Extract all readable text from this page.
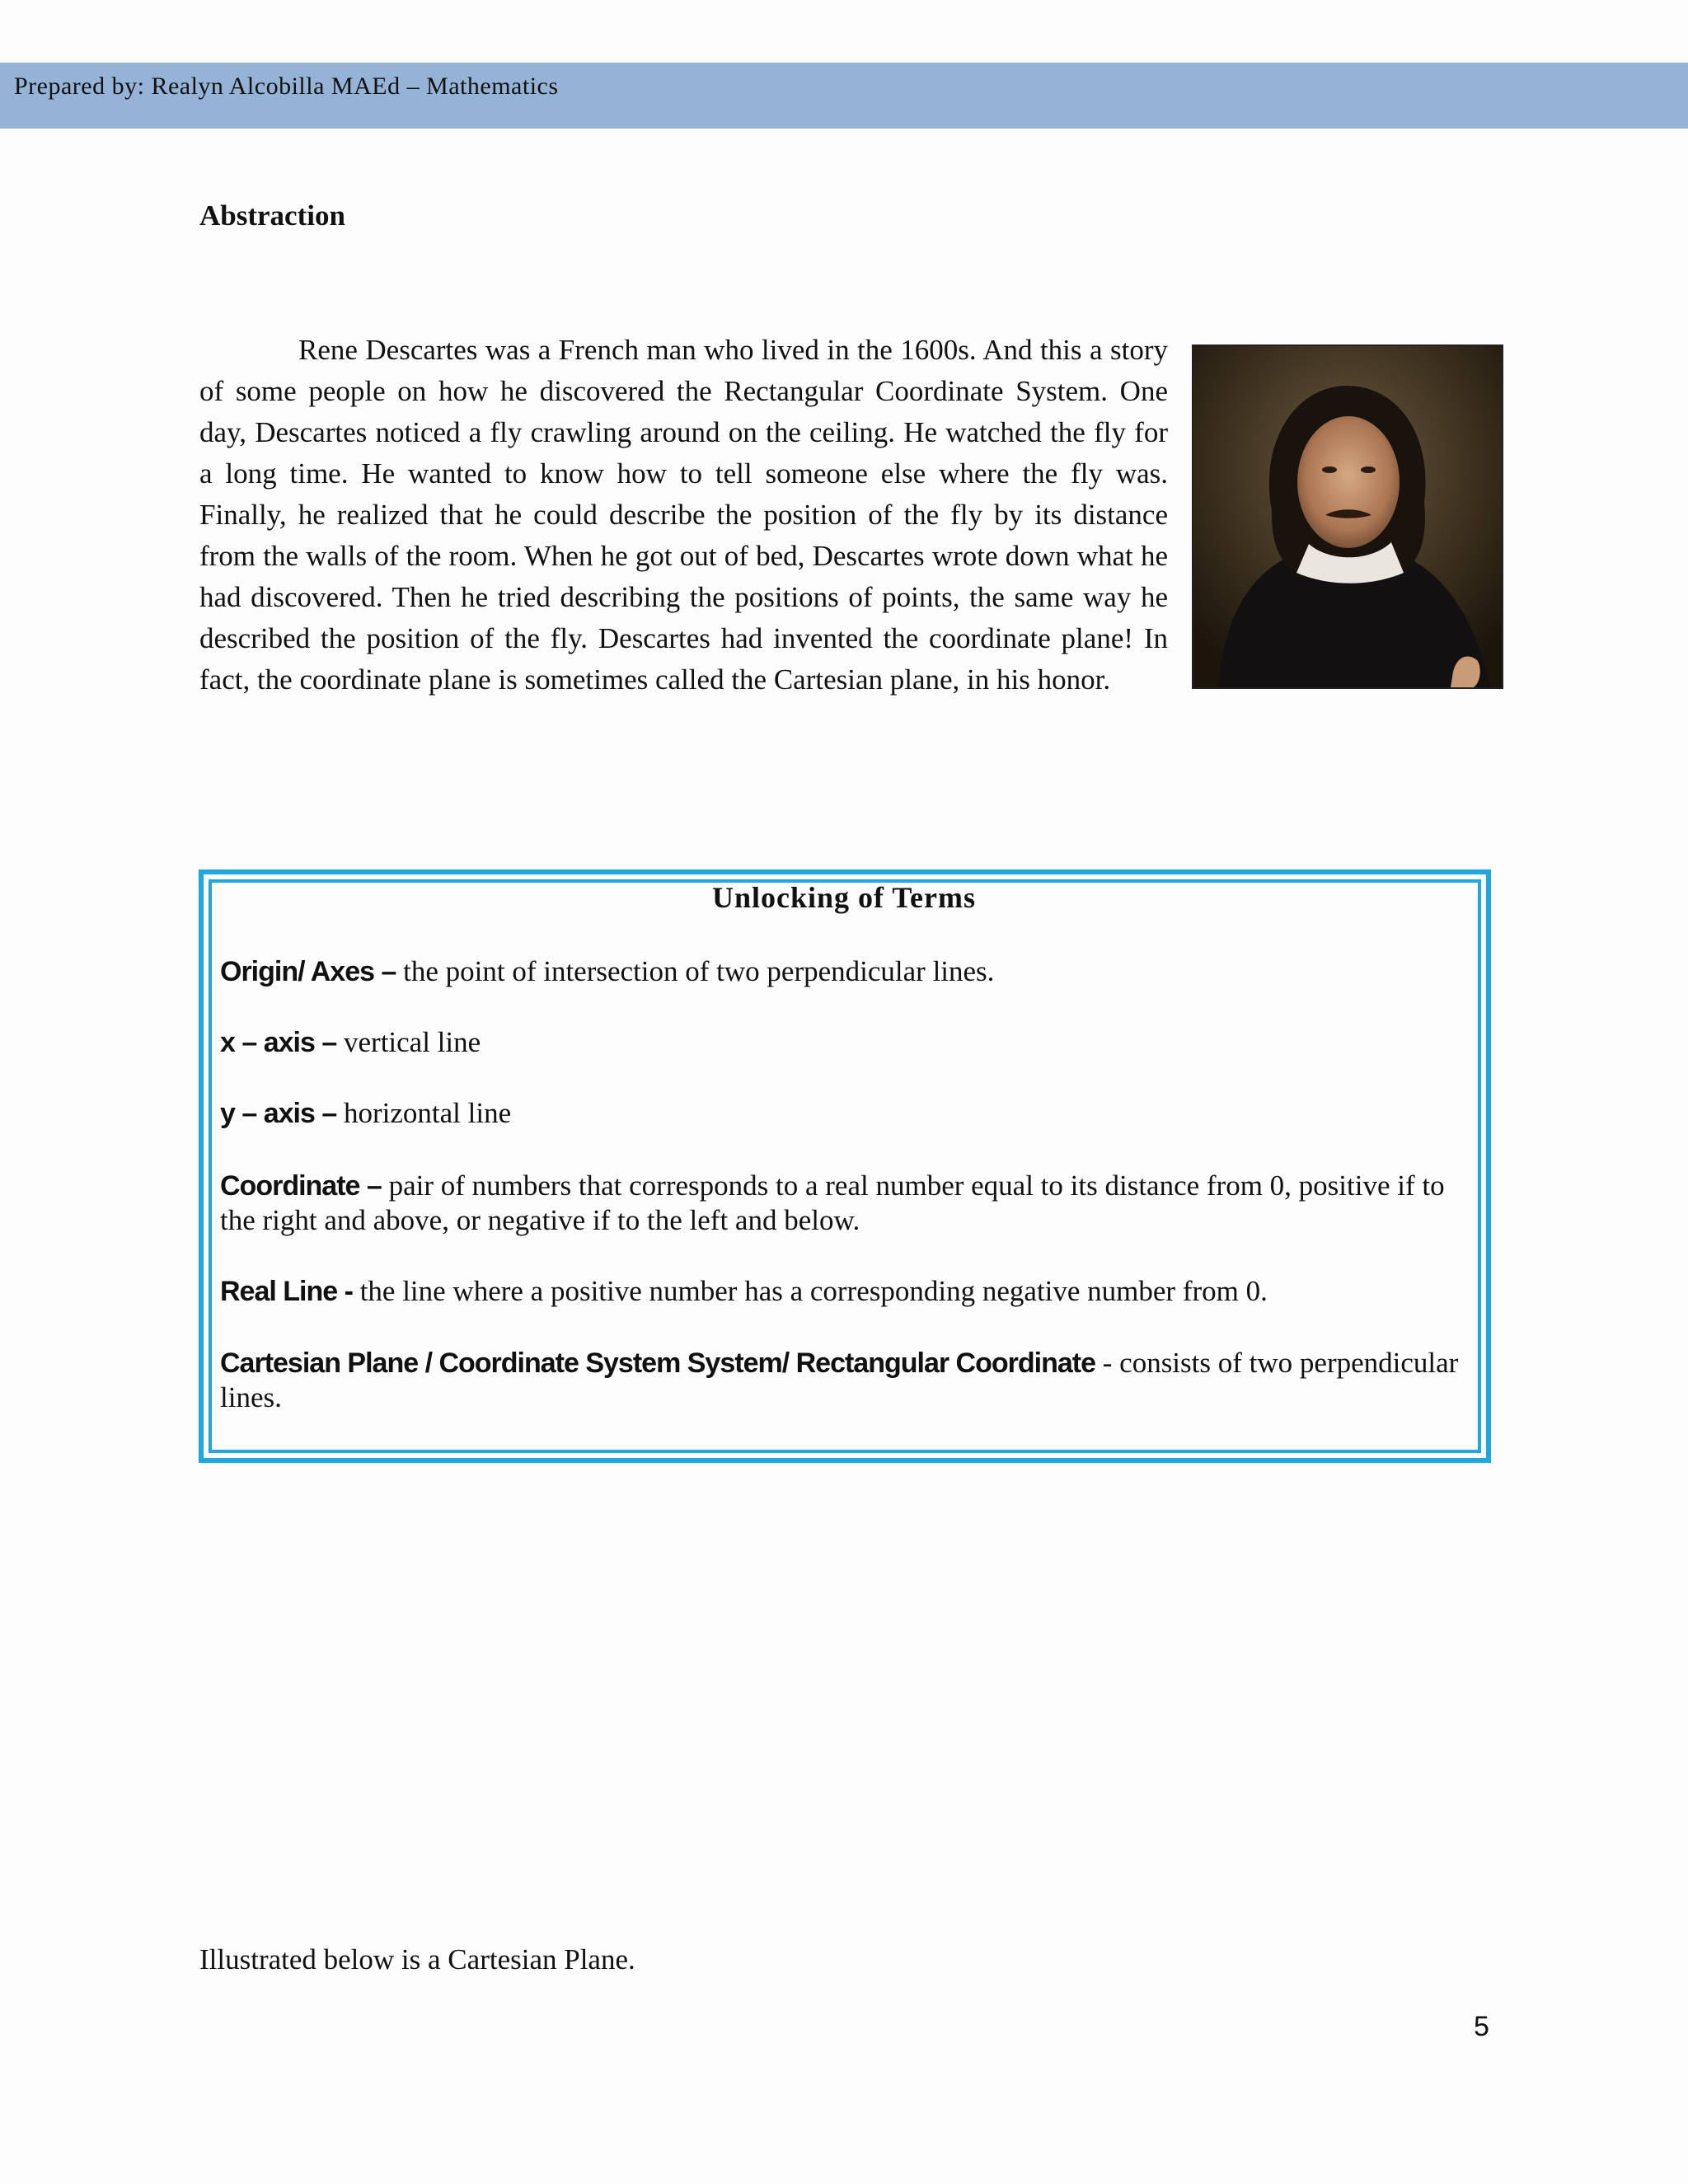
Prepared by: Realyn Alcobilla MAEd – Mathematics
Abstraction

Rene Descartes was a French man who lived in the 1600s. And this a story of some people on how he discovered the Rectangular Coordinate System. One day, Descartes noticed a fly crawling around on the ceiling. He watched the fly for a long time. He wanted to know how to tell someone else where the fly was. Finally, he realized that he could describe the position of the fly by its distance from the walls of the room. When he got out of bed, Descartes wrote down what he had discovered. Then he tried describing the positions of points, the same way he described the position of the fly. Descartes had invented the coordinate plane! In fact, the coordinate plane is sometimes called the Cartesian plane, in his honor.

Unlocking of Terms
Origin/ Axes – the point of intersection of two perpendicular lines.
x – axis – vertical line
y – axis – horizontal line
Coordinate – pair of numbers that corresponds to a real number equal to its distance from 0, positive if to the right and above, or negative if to the left and below.
Real Line - the line where a positive number has a corresponding negative number from 0.
Cartesian Plane / Coordinate System System/ Rectangular Coordinate - consists of two perpendicular lines.
Illustrated below is a Cartesian Plane.
5
